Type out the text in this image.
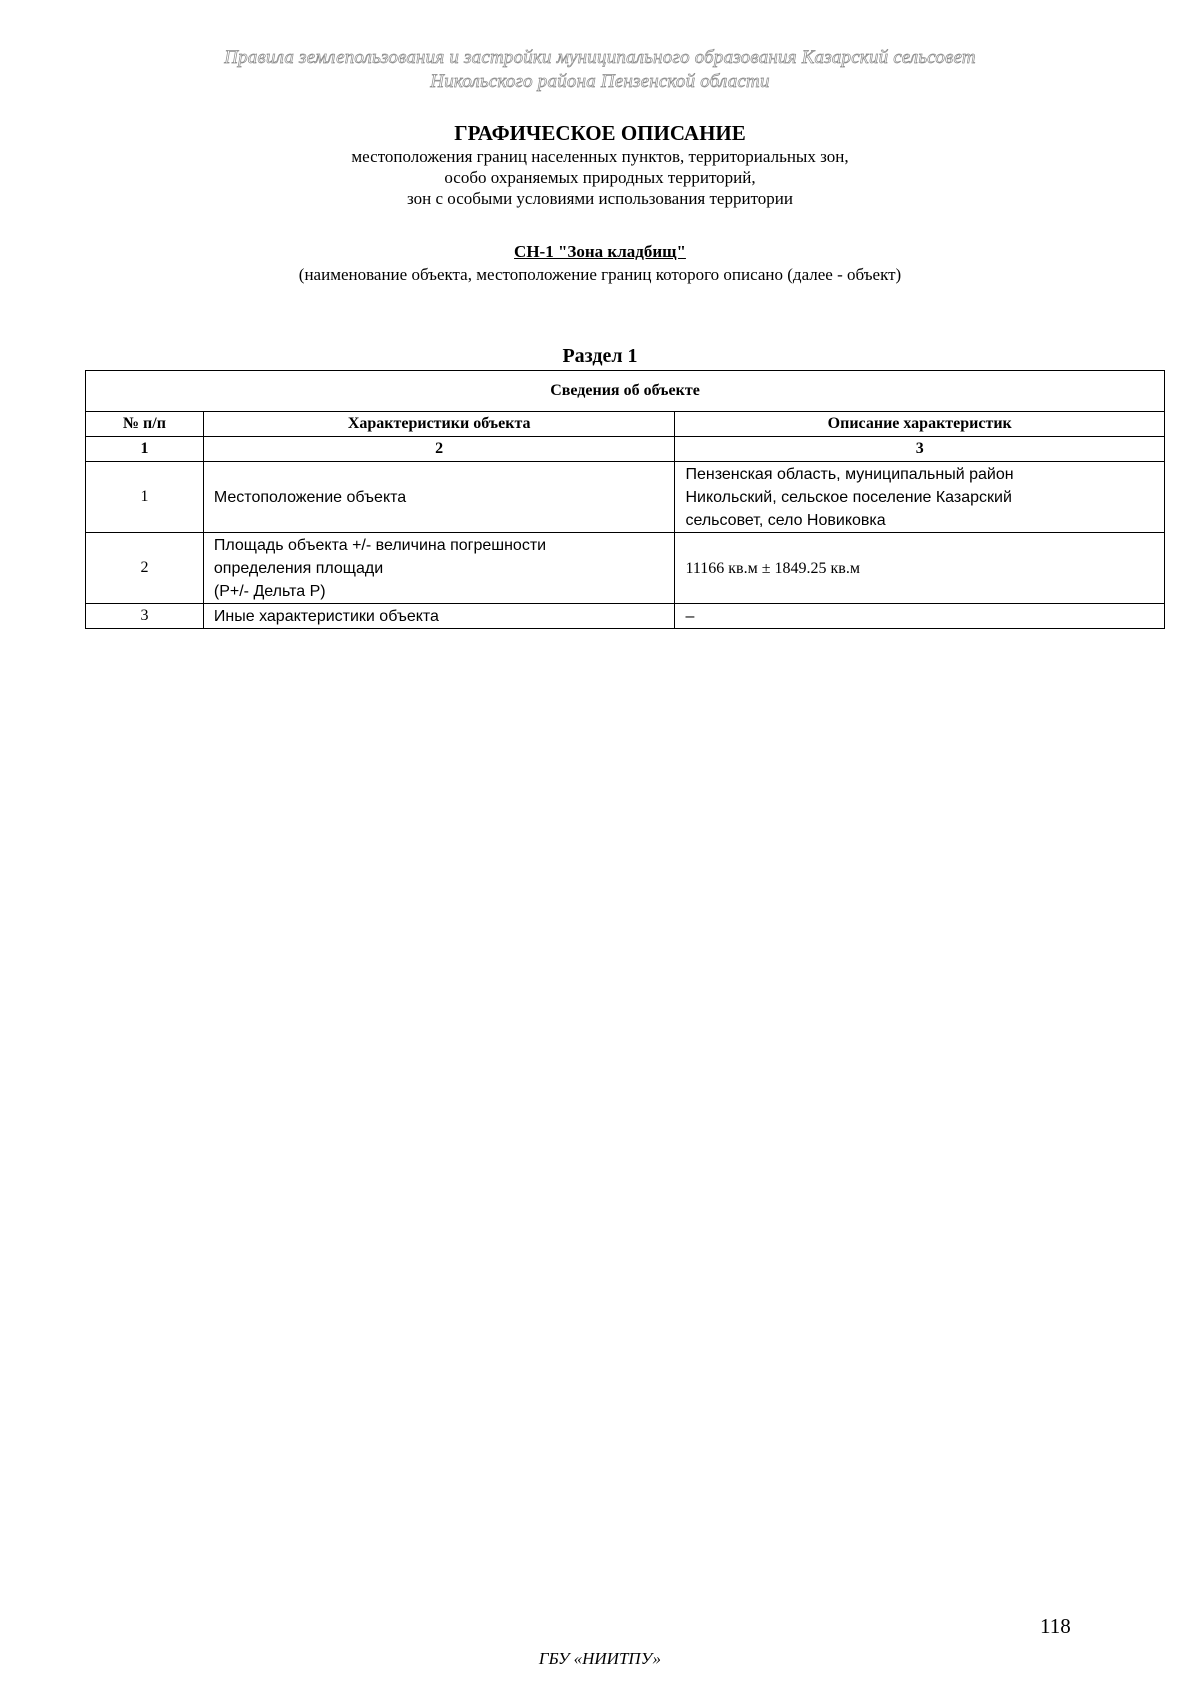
Правила землепользования и застройки муниципального образования Казарский сельсовет
Никольского района Пензенской области
ГРАФИЧЕСКОЕ ОПИСАНИЕ
местоположения границ населенных пунктов, территориальных зон,
особо охраняемых природных территорий,
зон с особыми условиями использования территории
СН-1 "Зона кладбищ"
(наименование объекта, местоположение границ которого описано (далее - объект)
Раздел 1
Сведения об объекте		
№ п/п	Характеристики объекта	Описание характеристик
1	2	3
1	Местоположение объекта	Пензенская область, муниципальный район
Никольский, сельское поселение Казарский
сельсовет, село Новиковка

2	Площадь объекта +/- величина погрешности
определения площади
(Р+/- Дельта Р)	11166 кв.м ± 1849.25 кв.м

3	Иные характеристики объекта	–
118
ГБУ «НИИТПУ»
